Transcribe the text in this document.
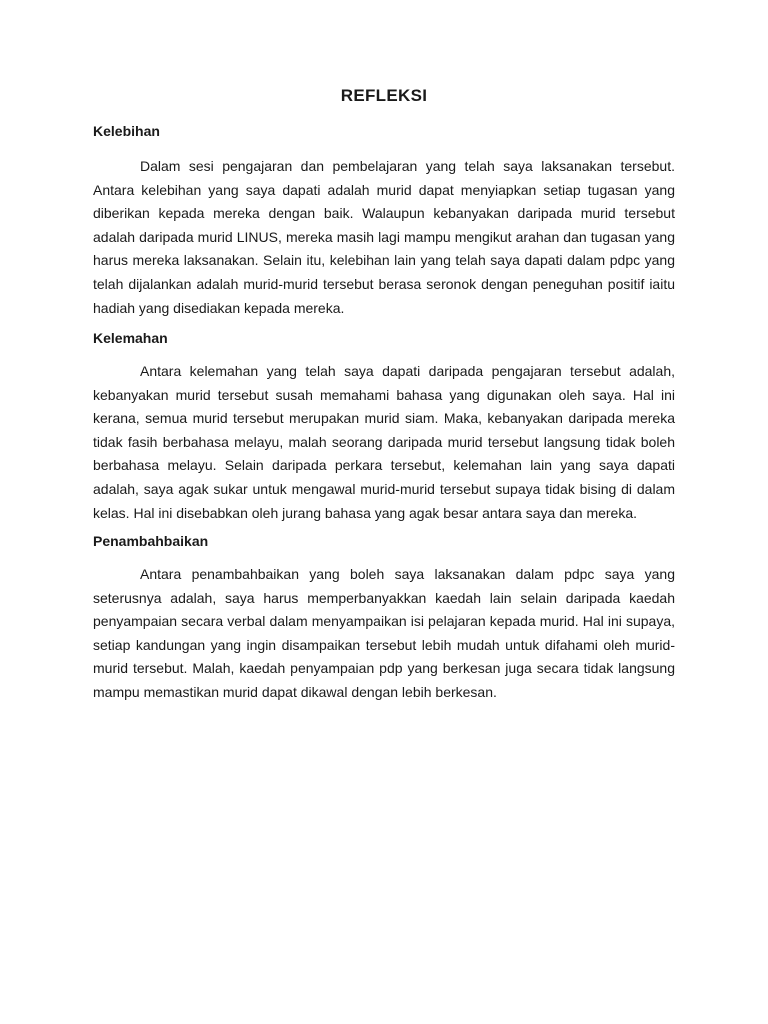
REFLEKSI
Kelebihan

Dalam sesi pengajaran dan pembelajaran yang telah saya laksanakan tersebut. Antara kelebihan yang saya dapati adalah murid dapat menyiapkan setiap tugasan yang diberikan kepada mereka dengan baik. Walaupun kebanyakan daripada murid tersebut adalah daripada murid LINUS, mereka masih lagi mampu mengikut arahan dan tugasan yang harus mereka laksanakan. Selain itu, kelebihan lain yang telah saya dapati dalam pdpc yang telah dijalankan adalah murid-murid tersebut berasa seronok dengan peneguhan positif iaitu hadiah yang disediakan kepada mereka.

Kelemahan

Antara kelemahan yang telah saya dapati daripada pengajaran tersebut adalah, kebanyakan murid tersebut susah memahami bahasa yang digunakan oleh saya. Hal ini kerana, semua murid tersebut merupakan murid siam. Maka, kebanyakan daripada mereka tidak fasih berbahasa melayu, malah seorang daripada murid tersebut langsung tidak boleh berbahasa melayu. Selain daripada perkara tersebut, kelemahan lain yang saya dapati adalah, saya agak sukar untuk mengawal murid-murid tersebut supaya tidak bising di dalam kelas. Hal ini disebabkan oleh jurang bahasa yang agak besar antara saya dan mereka.

Penambahbaikan

Antara penambahbaikan yang boleh saya laksanakan dalam pdpc saya yang seterusnya adalah, saya harus memperbanyakkan kaedah lain selain daripada kaedah penyampaian secara verbal dalam menyampaikan isi pelajaran kepada murid. Hal ini supaya, setiap kandungan yang ingin disampaikan tersebut lebih mudah untuk difahami oleh murid-murid tersebut. Malah, kaedah penyampaian pdp yang berkesan juga secara tidak langsung mampu memastikan murid dapat dikawal dengan lebih berkesan.
